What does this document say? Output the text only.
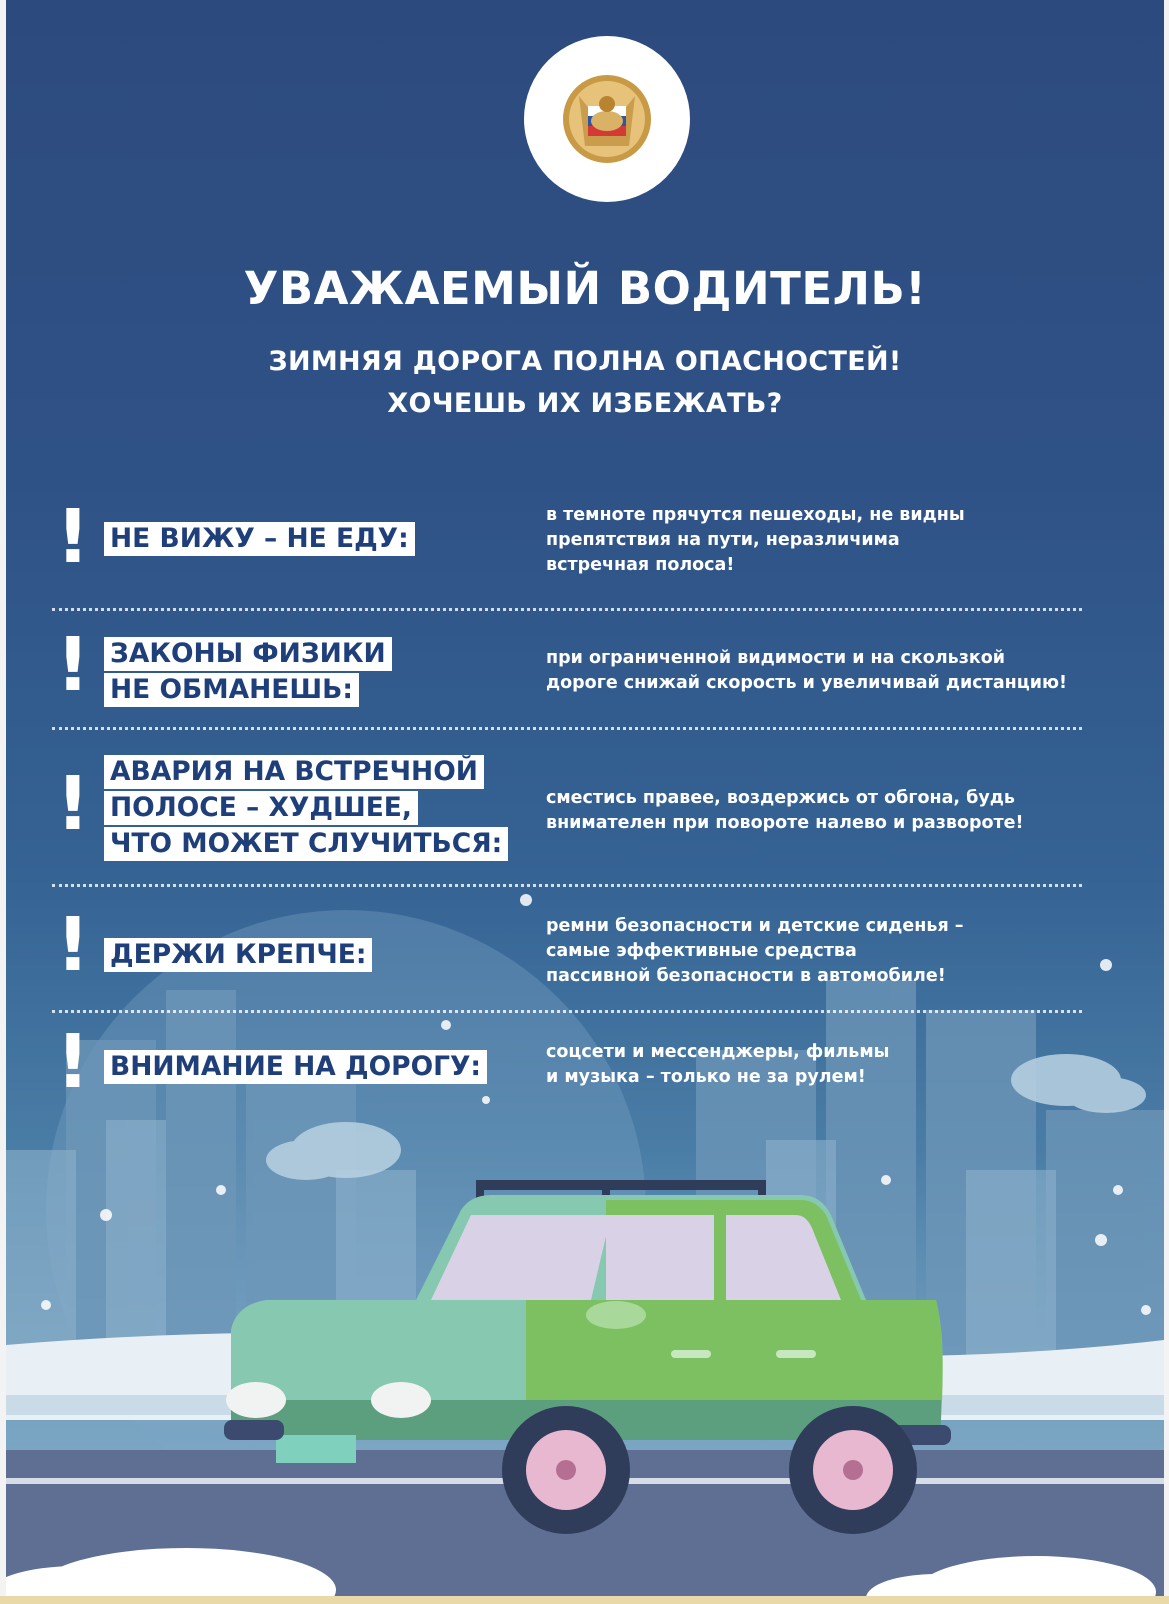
УВАЖАЕМЫЙ ВОДИТЕЛЬ!
ЗИМНЯЯ ДОРОГА ПОЛНА ОПАСНОСТЕЙ!
ХОЧЕШЬ ИХ ИЗБЕЖАТЬ?
! НЕ ВИЖУ – НЕ ЕДУ:
в темноте прячутся пешеходы, не видны
препятствия на пути, неразличима
встречная полоса!
! ЗАКОНЫ ФИЗИКИ
НЕ ОБМАНЕШЬ:
при ограниченной видимости и на скользкой
дороге снижай скорость и увеличивай дистанцию!
! АВАРИЯ НА ВСТРЕЧНОЙ
ПОЛОСЕ – ХУДШЕЕ,
ЧТО МОЖЕТ СЛУЧИТЬСЯ:
сместись правее, воздержись от обгона, будь
внимателен при повороте налево и развороте!
! ДЕРЖИ КРЕПЧЕ:
ремни безопасности и детские сиденья –
самые эффективные средства
пассивной безопасности в автомобиле!
! ВНИМАНИЕ НА ДОРОГУ:	соцсети и мессенджеры, фильмы
и музыка – только не за рулем!
